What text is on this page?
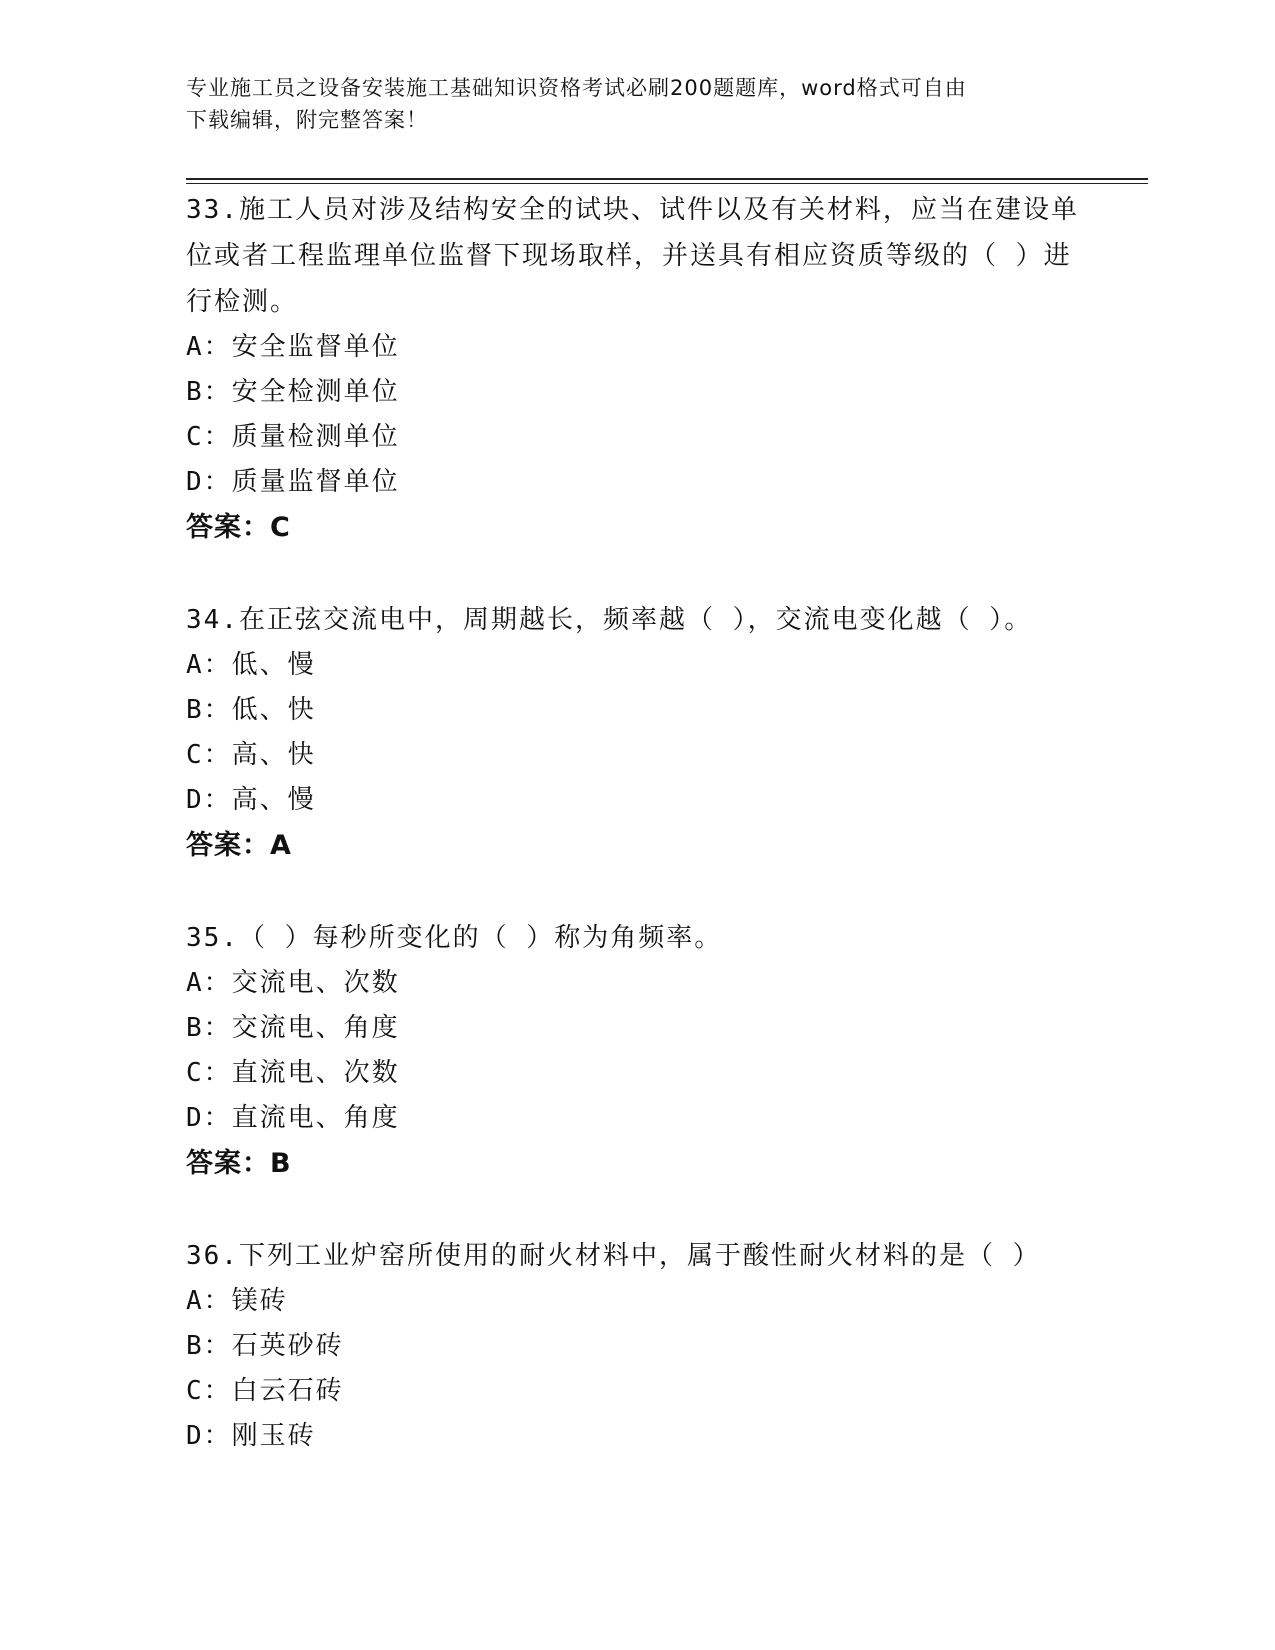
专业施工员之设备安装施工基础知识资格考试必刷200题题库，word格式可自由
下载编辑，附完整答案！

33.施工人员对涉及结构安全的试块、试件以及有关材料，应当在建设单位或者工程监理单位监督下现场取样，并送具有相应资质等级的（ ）进行检测。

A：安全监督单位
B：安全检测单位
C：质量检测单位
D：质量监督单位

答案：C

34.在正弦交流电中，周期越长，频率越（ ），交流电变化越（ ）。

A：低、慢
B：低、快
C：高、快
D：高、慢

答案：A

35.（ ）每秒所变化的（ ）称为角频率。

A：交流电、次数
B：交流电、角度
C：直流电、次数
D：直流电、角度

答案：B

36.下列工业炉窑所使用的耐火材料中，属于酸性耐火材料的是（ ）

A：镁砖
B：石英砂砖
C：白云石砖
D：刚玉砖
